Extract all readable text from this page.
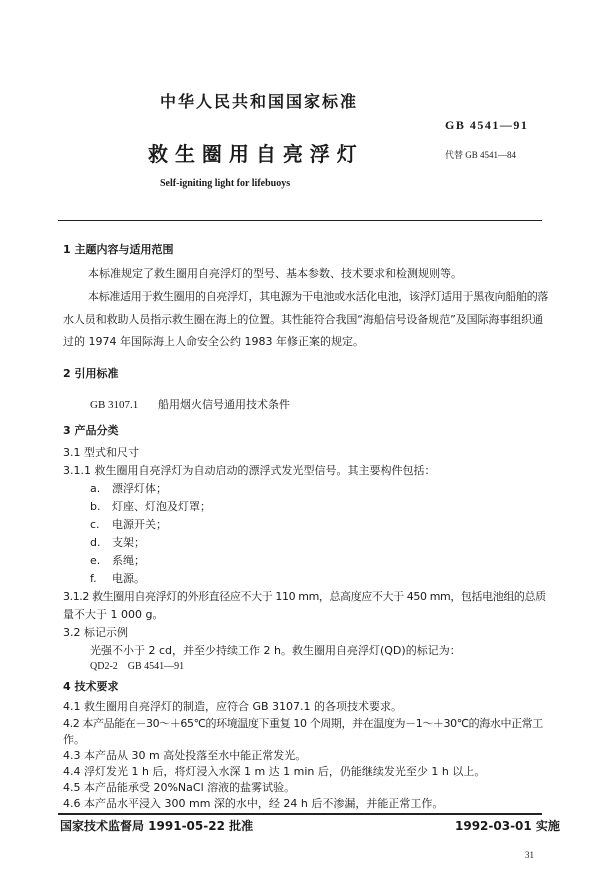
中华人民共和国国家标准
GB 4541—91
救 生 圈 用 自 亮 浮 灯	代替 GB 4541—84
Self-igniting light for lifebuoys
1 主题内容与适用范围
本标准规定了救生圈用自亮浮灯的型号、基本参数、技术要求和检测规则等。
本标准适用于救生圈用的自亮浮灯，其电源为干电池或水活化电池，该浮灯适用于黑夜向船舶的落
水人员和救助人员指示救生圈在海上的位置。其性能符合我国“海船信号设备规范”及国际海事组织通
过的 1974 年国际海上人命安全公约 1983 年修正案的规定。
2 引用标准
GB 3107.1 船用烟火信号通用技术条件
3 产品分类
3.1 型式和尺寸
3.1.1 救生圈用自亮浮灯为自动启动的漂浮式发光型信号。其主要构件包括：
a. 漂浮灯体；
b. 灯座、灯泡及灯罩；
c. 电源开关；
d. 支架；
e. 系绳；
f. 电源。
3.1.2 救生圈用自亮浮灯的外形直径应不大于 110 mm，总高度应不大于 450 mm，包括电池组的总质
量不大于 1 000 g。
3.2 标记示例
光强不小于 2 cd，并至少持续工作 2 h。救生圈用自亮浮灯(QD)的标记为：
QD2-2    GB 4541—91
4 技术要求
4.1 救生圈用自亮浮灯的制造，应符合 GB 3107.1 的各项技术要求。
4.2 本产品能在－30～＋65℃的环境温度下重复 10 个周期，并在温度为－1～＋30℃的海水中正常工
作。
4.3 本产品从 30 m 高处投落至水中能正常发光。
4.4 浮灯发光 1 h 后，将灯浸入水深 1 m 达 1 min 后，仍能继续发光至少 1 h 以上。
4.5 本产品能承受 20%NaCl 溶液的盐雾试验。
4.6 本产品水平浸入 300 mm 深的水中，经 24 h 后不渗漏，并能正常工作。
国家技术监督局 1991-05-22 批准	1992-03-01 实施
31
